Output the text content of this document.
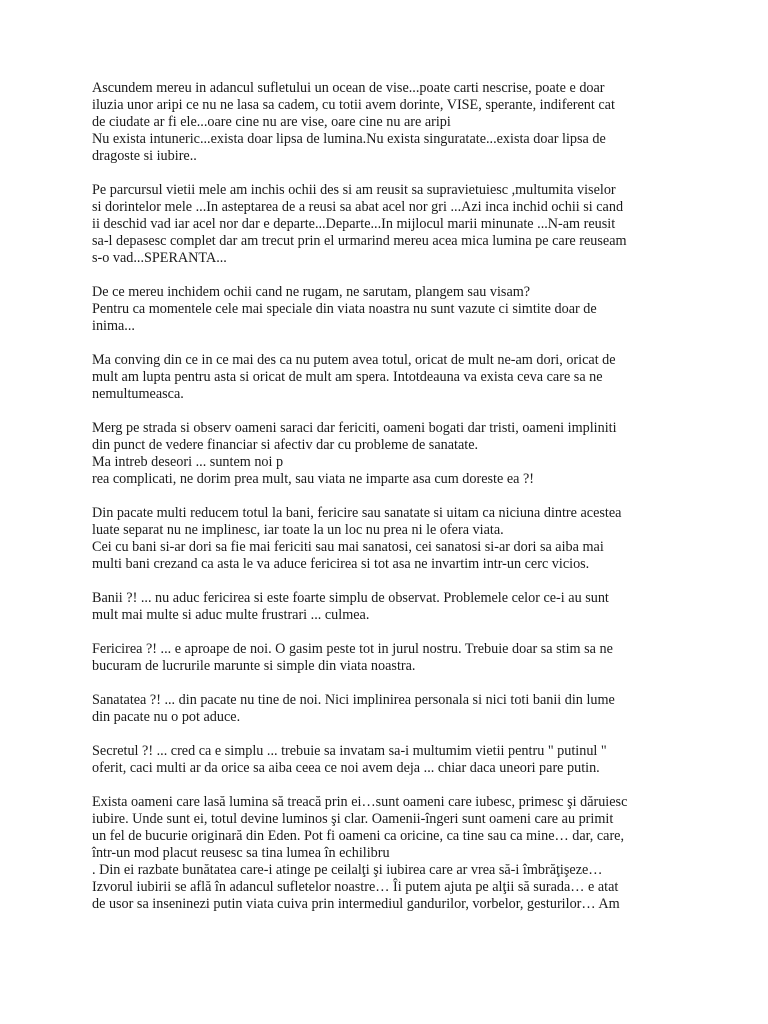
Ascundem mereu in adancul sufletului un ocean de vise...poate carti nescrise, poate e doar
iluzia unor aripi ce nu ne lasa sa cadem, cu totii avem dorinte, VISE, sperante, indiferent cat
de ciudate ar fi ele...oare cine nu are vise, oare cine nu are aripi
Nu exista intuneric...exista doar lipsa de lumina.Nu exista singuratate...exista doar lipsa de
dragoste si iubire..

Pe parcursul vietii mele am inchis ochii des si am reusit sa supravietuiesc ,multumita viselor
si dorintelor mele ...In asteptarea de a reusi sa abat acel nor gri ...Azi inca inchid ochii si cand
ii deschid vad iar acel nor dar e departe...Departe...In mijlocul marii minunate ...N-am reusit
sa-l depasesc complet dar am trecut prin el urmarind mereu acea mica lumina pe care reuseam
s-o vad...SPERANTA...

De ce mereu inchidem ochii cand ne rugam, ne sarutam, plangem sau visam?
Pentru ca momentele cele mai speciale din viata noastra nu sunt vazute ci simtite doar de
inima...

Ma conving din ce in ce mai des ca nu putem avea totul, oricat de mult ne-am dori, oricat de
mult am lupta pentru asta si oricat de mult am spera. Intotdeauna va exista ceva care sa ne
nemultumeasca.

Merg pe strada si observ oameni saraci dar fericiti, oameni bogati dar tristi, oameni impliniti
din punct de vedere financiar si afectiv dar cu probleme de sanatate.
Ma intreb deseori ... suntem noi p
rea complicati, ne dorim prea mult, sau viata ne imparte asa cum doreste ea ?!

Din pacate multi reducem totul la bani, fericire sau sanatate si uitam ca niciuna dintre acestea
luate separat nu ne implinesc, iar toate la un loc nu prea ni le ofera viata.
Cei cu bani si-ar dori sa fie mai fericiti sau mai sanatosi, cei sanatosi si-ar dori sa aiba mai
multi bani crezand ca asta le va aduce fericirea si tot asa ne invartim intr-un cerc vicios.

Banii ?! ... nu aduc fericirea si este foarte simplu de observat. Problemele celor ce-i au sunt
mult mai multe si aduc multe frustrari ... culmea.

Fericirea ?! ... e aproape de noi. O gasim peste tot in jurul nostru. Trebuie doar sa stim sa ne
bucuram de lucrurile marunte si simple din viata noastra.

Sanatatea ?! ... din pacate nu tine de noi. Nici implinirea personala si nici toti banii din lume
din pacate nu o pot aduce.

Secretul ?! ... cred ca e simplu ... trebuie sa invatam sa-i multumim vietii pentru " putinul "
oferit, caci multi ar da orice sa aiba ceea ce noi avem deja ... chiar daca uneori pare putin.

Exista oameni care lasă lumina să treacă prin ei…sunt oameni care iubesc, primesc şi dăruiesc
iubire. Unde sunt ei, totul devine luminos şi clar. Oamenii-îngeri sunt oameni care au primit
un fel de bucurie originară din Eden. Pot fi oameni ca oricine, ca tine sau ca mine… dar, care,
într-un mod placut reusesc sa tina lumea în echilibru
. Din ei razbate bunătatea care-i atinge pe ceilalţi şi iubirea care ar vrea să-i îmbrăţişeze…
Izvorul iubirii se află în adancul sufletelor noastre… Îi putem ajuta pe alţii să surada… e atat
de usor sa inseninezi putin viata cuiva prin intermediul gandurilor, vorbelor, gesturilor… Am
